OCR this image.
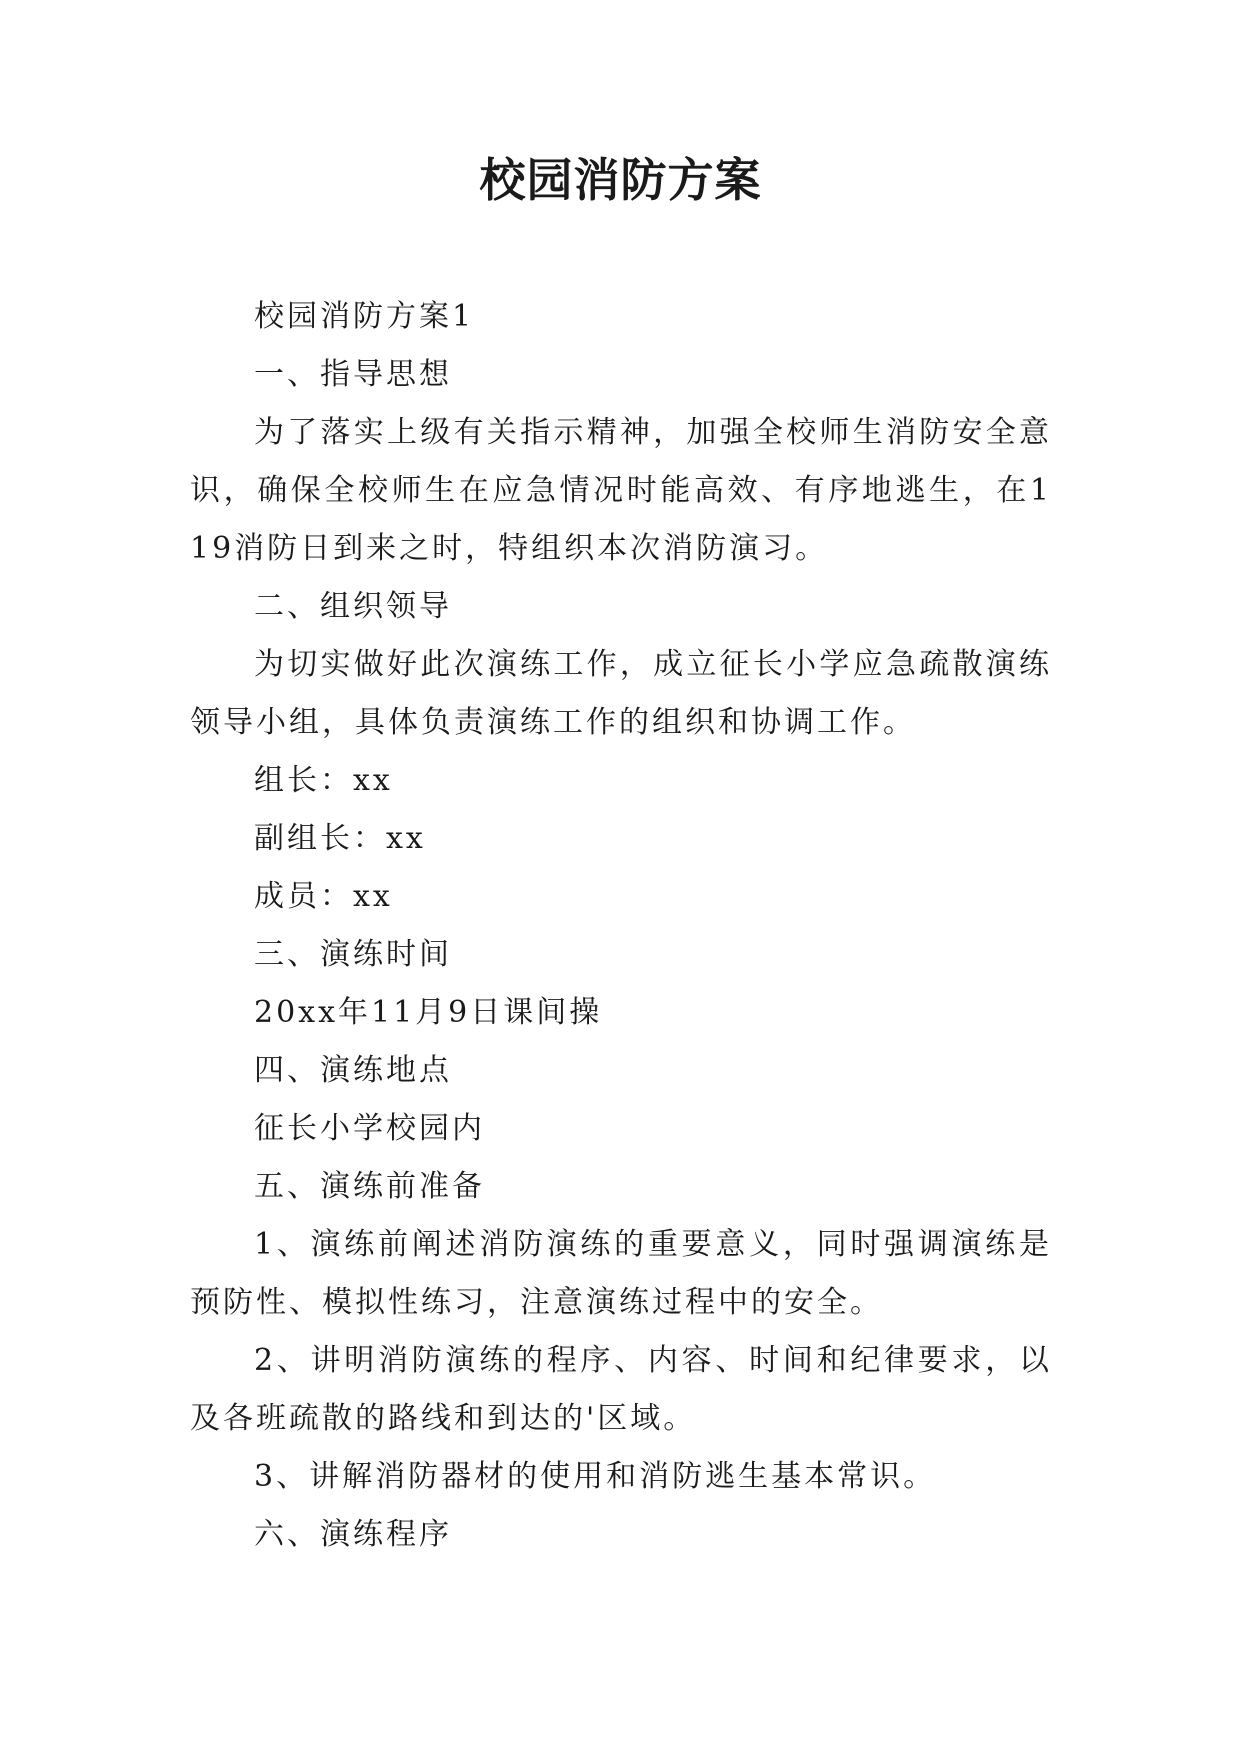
校园消防方案

校园消防方案1

一、指导思想

为了落实上级有关指示精神，加强全校师生消防安全意识，确保全校师生在应急情况时能高效、有序地逃生，在119消防日到来之时，特组织本次消防演习。

二、组织领导

为切实做好此次演练工作，成立征长小学应急疏散演练领导小组，具体负责演练工作的组织和协调工作。

组长：xx

副组长：xx

成员：xx

三、演练时间

20xx年11月9日课间操

四、演练地点

征长小学校园内

五、演练前准备

1、演练前阐述消防演练的重要意义，同时强调演练是预防性、模拟性练习，注意演练过程中的安全。

2、讲明消防演练的程序、内容、时间和纪律要求，以及各班疏散的路线和到达的'区域。

3、讲解消防器材的使用和消防逃生基本常识。

六、演练程序
